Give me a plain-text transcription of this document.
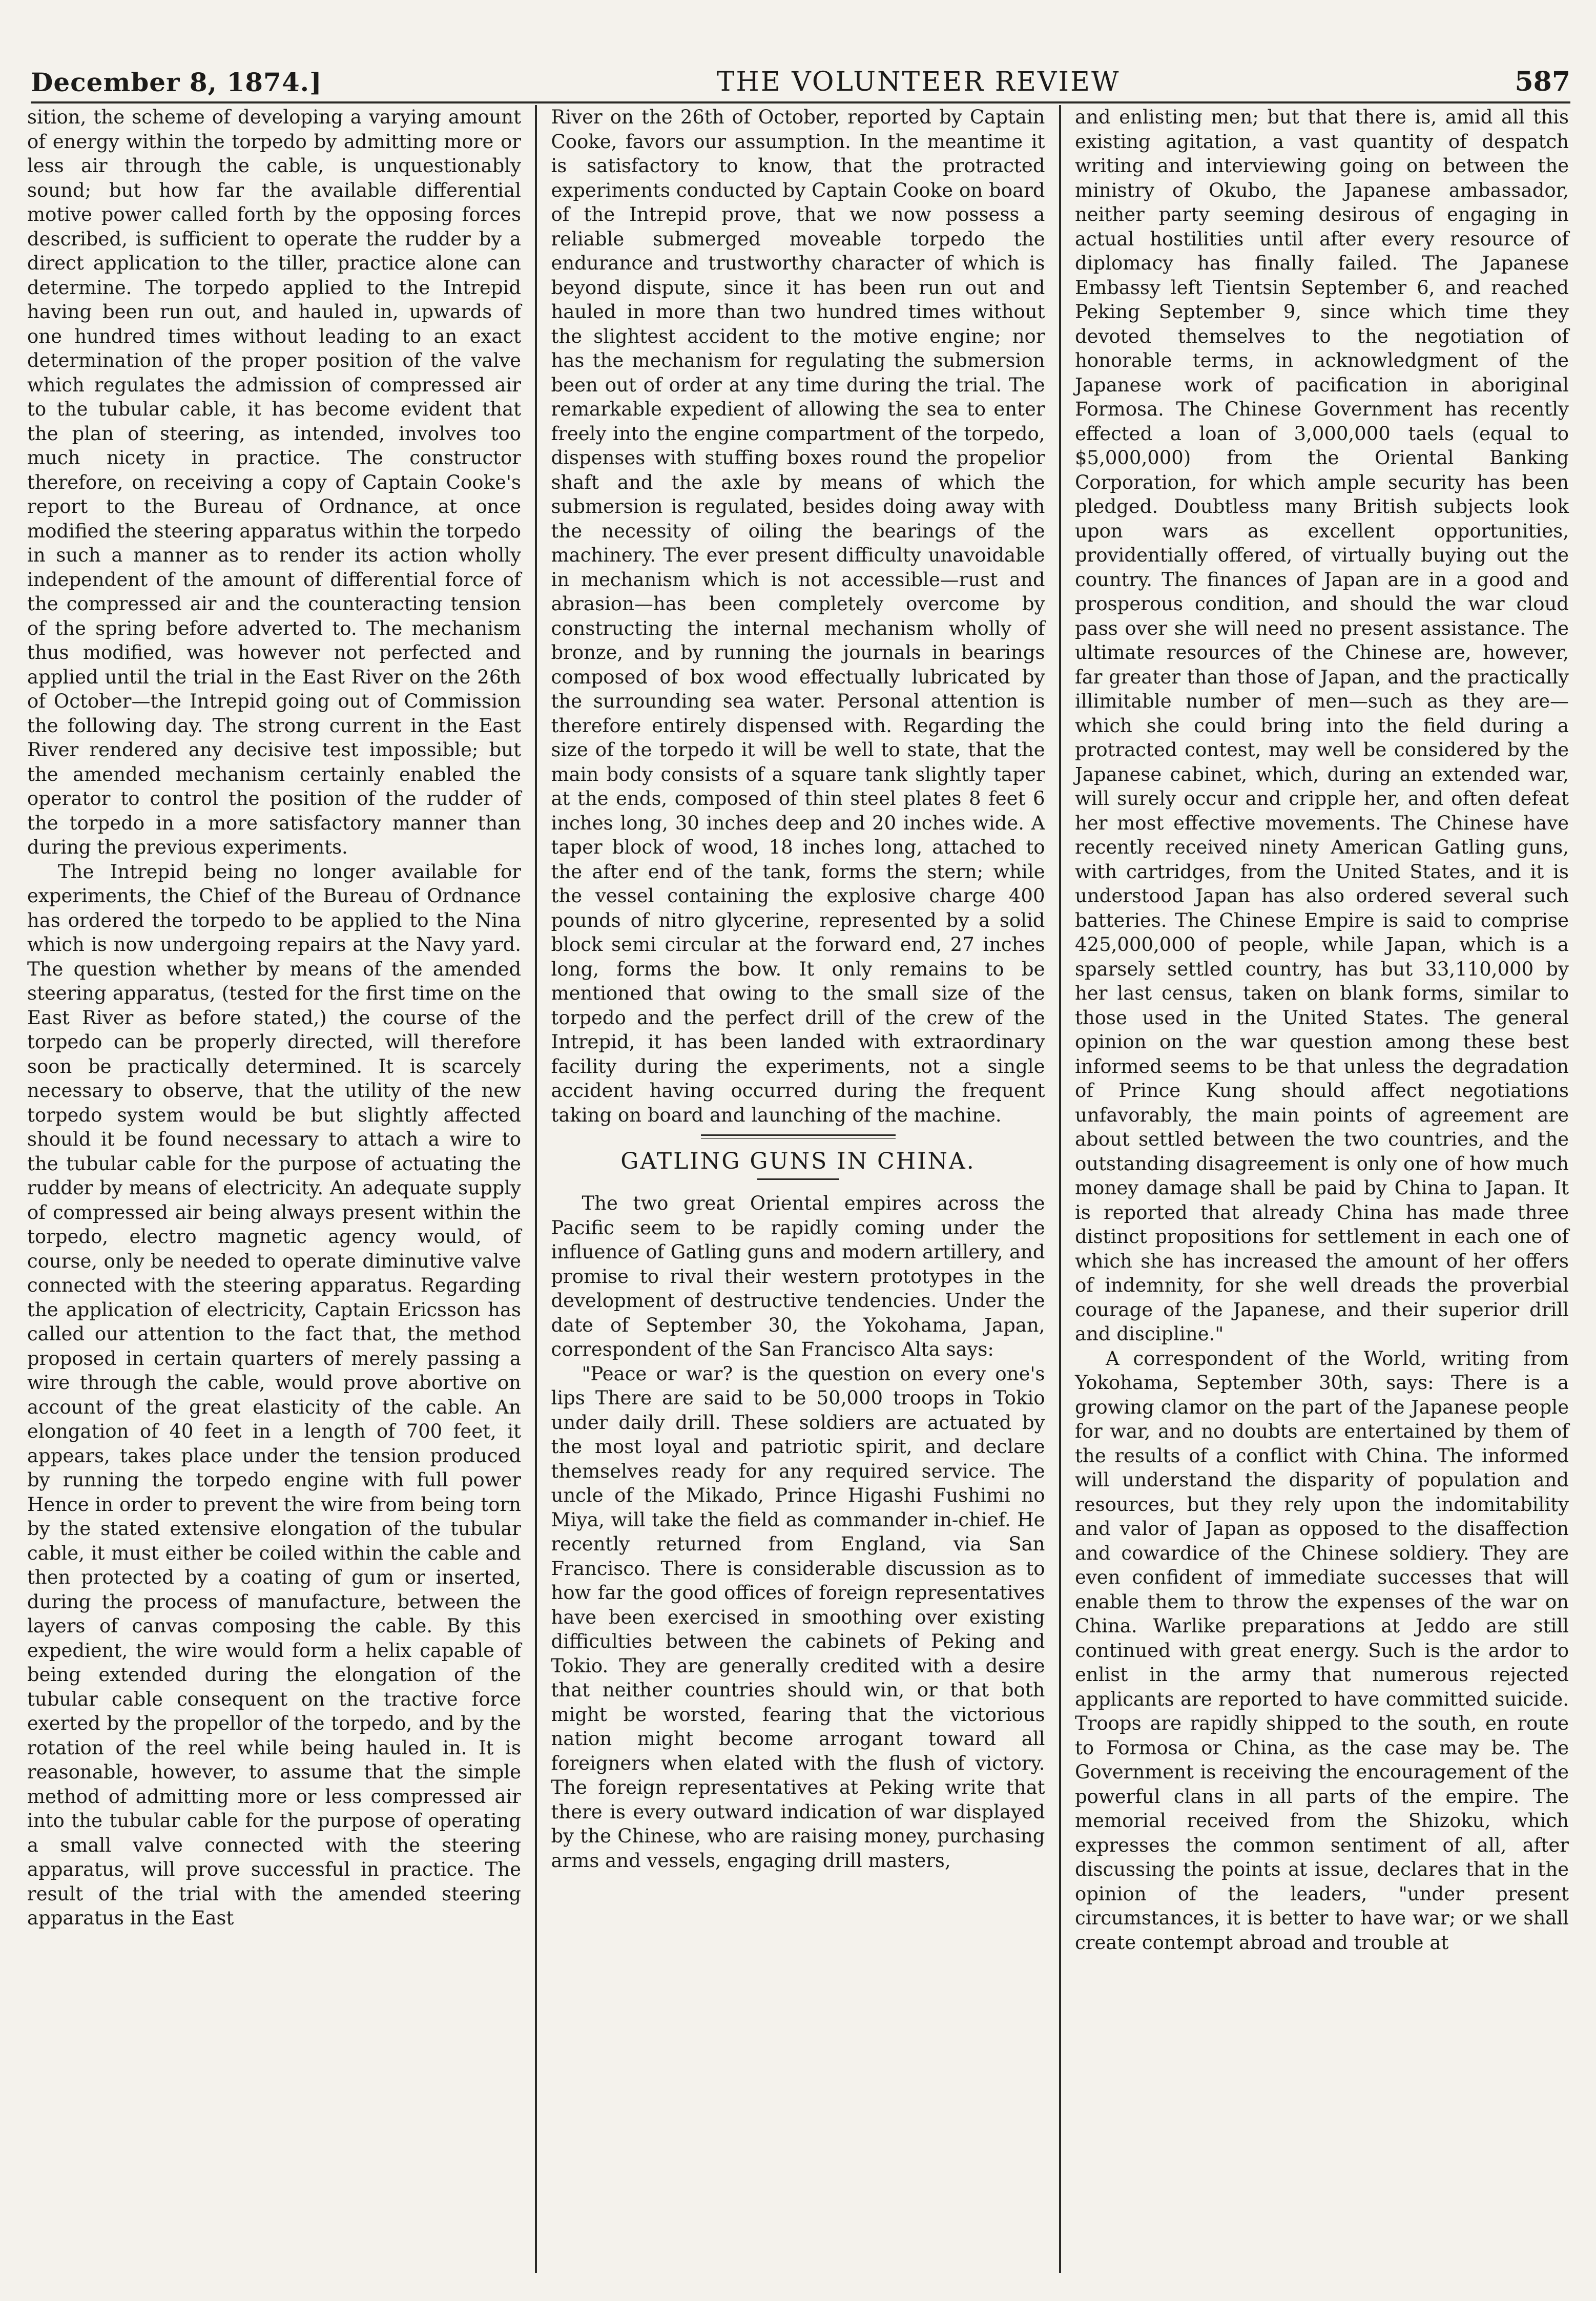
December 8, 1874.]	THE VOLUNTEER REVIEW	587

sition, the scheme of developing a varying amount of energy within the torpedo by admitting more or less air through the cable, is unquestionably sound; but how far the available differential motive power called forth by the opposing forces described, is sufficient to operate the rudder by a direct application to the tiller, practice alone can determine. The torpedo applied to the Intrepid having been run out, and hauled in, upwards of one hundred times without leading to an exact determination of the proper position of the valve which regulates the admission of compressed air to the tubular cable, it has become evident that the plan of steering, as intended, involves too much nicety in practice. The constructor therefore, on receiving a copy of Captain Cooke's report to the Bureau of Ordnance, at once modified the steering apparatus within the torpedo in such a manner as to render its action wholly independent of the amount of differential force of the compressed air and the counteracting tension of the spring before adverted to. The mechanism thus modified, was however not perfected and applied until the trial in the East River on the 26th of October—the Intrepid going out of Commission the following day. The strong current in the East River rendered any decisive test impossible; but the amended mechanism certainly enabled the operator to control the position of the rudder of the torpedo in a more satisfactory manner than during the previous experiments.

The Intrepid being no longer available for experiments, the Chief of the Bureau of Ordnance has ordered the torpedo to be applied to the Nina which is now undergoing repairs at the Navy yard. The question whether by means of the amended steering apparatus, (tested for the first time on the East River as before stated,) the course of the torpedo can be properly directed, will therefore soon be practically determined. It is scarcely necessary to observe, that the utility of the new torpedo system would be but slightly affected should it be found necessary to attach a wire to the tubular cable for the purpose of actuating the rudder by means of electricity. An adequate supply of compressed air being always present within the torpedo, electro magnetic agency would, of course, only be needed to operate diminutive valve connected with the steering apparatus. Regarding the application of electricity, Captain Ericsson has called our attention to the fact that, the method proposed in certain quarters of merely passing a wire through the cable, would prove abortive on account of the great elasticity of the cable. An elongation of 40 feet in a length of 700 feet, it appears, takes place under the tension produced by running the torpedo engine with full power Hence in order to prevent the wire from being torn by the stated extensive elongation of the tubular cable, it must either be coiled within the cable and then protected by a coating of gum or inserted, during the process of manufacture, between the layers of canvas composing the cable. By this expedient, the wire would form a helix capable of being extended during the elongation of the tubular cable consequent on the tractive force exerted by the propellor of the torpedo, and by the rotation of the reel while being hauled in. It is reasonable, however, to assume that the simple method of admitting more or less compressed air into the tubular cable for the purpose of operating a small valve connected with the steering apparatus, will prove successful in practice. The result of the trial with the amended steering apparatus in the East

River on the 26th of October, reported by Captain Cooke, favors our assumption. In the meantime it is satisfactory to know, that the protracted experiments conducted by Captain Cooke on board of the Intrepid prove, that we now possess a reliable submerged moveable torpedo the endurance and trustworthy character of which is beyond dispute, since it has been run out and hauled in more than two hundred times without the slightest accident to the motive engine; nor has the mechanism for regulating the submersion been out of order at any time during the trial. The remarkable expedient of allowing the sea to enter freely into the engine compartment of the torpedo, dispenses with stuffing boxes round the propelior shaft and the axle by means of which the submersion is regulated, besides doing away with the necessity of oiling the bearings of the machinery. The ever present difficulty unavoidable in mechanism which is not accessible—rust and abrasion—has been completely overcome by constructing the internal mechanism wholly of bronze, and by running the journals in bearings composed of box wood effectually lubricated by the surrounding sea water. Personal attention is therefore entirely dispensed with. Regarding the size of the torpedo it will be well to state, that the main body consists of a square tank slightly taper at the ends, composed of thin steel plates 8 feet 6 inches long, 30 inches deep and 20 inches wide. A taper block of wood, 18 inches long, attached to the after end of the tank, forms the stern; while the vessel containing the explosive charge 400 pounds of nitro glycerine, represented by a solid block semi circular at the forward end, 27 inches long, forms the bow. It only remains to be mentioned that owing to the small size of the torpedo and the perfect drill of the crew of the Intrepid, it has been landed with extraordinary facility during the experiments, not a single accident having occurred during the frequent taking on board and launching of the machine.

GATLING GUNS IN CHINA.

The two great Oriental empires across the Pacific seem to be rapidly coming under the influence of Gatling guns and modern artillery, and promise to rival their western prototypes in the development of destructive tendencies. Under the date of September 30, the Yokohama, Japan, correspondent of the San Francisco Alta says:

"Peace or war? is the question on every one's lips There are said to be 50,000 troops in Tokio under daily drill. These soldiers are actuated by the most loyal and patriotic spirit, and declare themselves ready for any required service. The uncle of the Mikado, Prince Higashi Fushimi no Miya, will take the field as commander in-chief. He recently returned from England, via San Francisco. There is considerable discussion as to how far the good offices of foreign representatives have been exercised in smoothing over existing difficulties between the cabinets of Peking and Tokio. They are generally credited with a desire that neither countries should win, or that both might be worsted, fearing that the victorious nation might become arrogant toward all foreigners when elated with the flush of victory. The foreign representatives at Peking write that there is every outward indication of war displayed by the Chinese, who are raising money, purchasing arms and vessels, engaging drill masters,

and enlisting men; but that there is, amid all this existing agitation, a vast quantity of despatch writing and interviewing going on between the ministry of Okubo, the Japanese ambassador, neither party seeming desirous of engaging in actual hostilities until after every resource of diplomacy has finally failed. The Japanese Embassy left Tientsin September 6, and reached Peking September 9, since which time they devoted themselves to the negotiation of honorable terms, in acknowledgment of the Japanese work of pacification in aboriginal Formosa. The Chinese Government has recently effected a loan of 3,000,000 taels (equal to $5,000,000) from the Oriental Banking Corporation, for which ample security has been pledged. Doubtless many British subjects look upon wars as excellent opportunities, providentially offered, of virtually buying out the country. The finances of Japan are in a good and prosperous condition, and should the war cloud pass over she will need no present assistance. The ultimate resources of the Chinese are, however, far greater than those of Japan, and the practically illimitable number of men—such as they are—which she could bring into the field during a protracted contest, may well be considered by the Japanese cabinet, which, during an extended war, will surely occur and cripple her, and often defeat her most effective movements. The Chinese have recently received ninety American Gatling guns, with cartridges, from the United States, and it is understood Japan has also ordered several such batteries. The Chinese Empire is said to comprise 425,000,000 of people, while Japan, which is a sparsely settled country, has but 33,110,000 by her last census, taken on blank forms, similar to those used in the United States. The general opinion on the war question among these best informed seems to be that unless the degradation of Prince Kung should affect negotiations unfavorably, the main points of agreement are about settled between the two countries, and the outstanding disagreement is only one of how much money damage shall be paid by China to Japan. It is reported that already China has made three distinct propositions for settlement in each one of which she has increased the amount of her offers of indemnity, for she well dreads the proverbial courage of the Japanese, and their superior drill and discipline."

A correspondent of the World, writing from Yokohama, September 30th, says: There is a growing clamor on the part of the Japanese people for war, and no doubts are entertained by them of the results of a conflict with China. The informed will understand the disparity of population and resources, but they rely upon the indomitability and valor of Japan as opposed to the disaffection and cowardice of the Chinese soldiery. They are even confident of immediate successes that will enable them to throw the expenses of the war on China. Warlike preparations at Jeddo are still continued with great energy. Such is the ardor to enlist in the army that numerous rejected applicants are reported to have committed suicide. Troops are rapidly shipped to the south, en route to Formosa or China, as the case may be. The Government is receiving the encouragement of the powerful clans in all parts of the empire. The memorial received from the Shizoku, which expresses the common sentiment of all, after discussing the points at issue, declares that in the opinion of the leaders, "under present circumstances, it is better to have war; or we shall create contempt abroad and trouble at
